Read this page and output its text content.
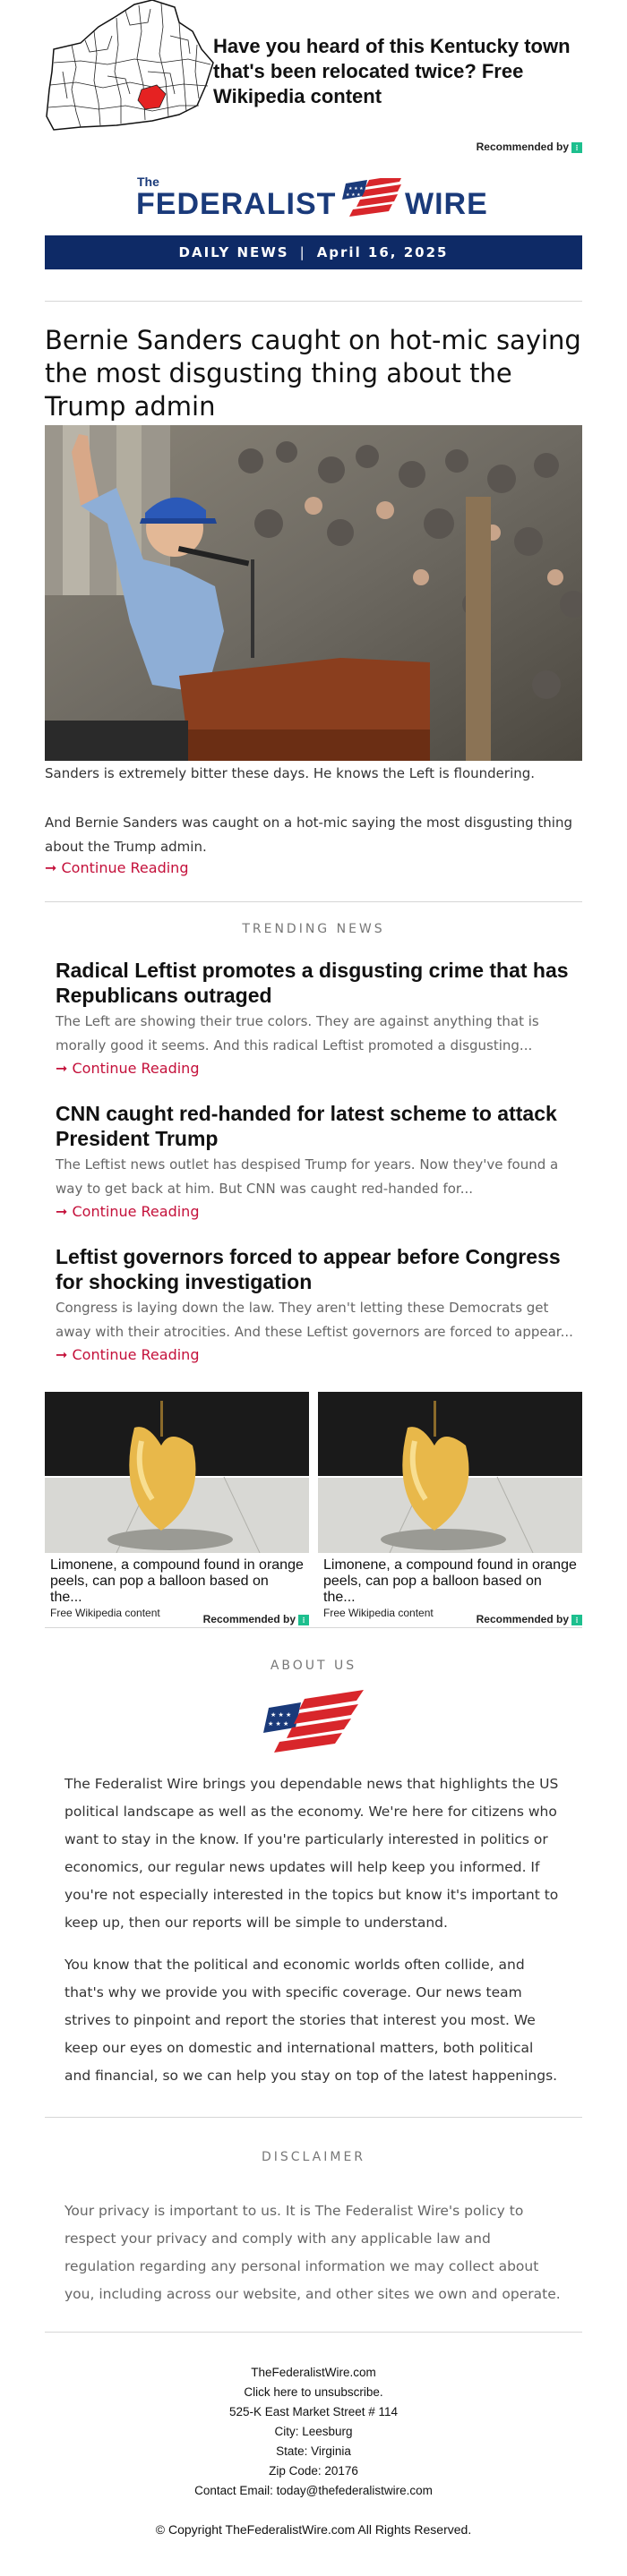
Have you heard of this Kentucky town that's been relocated twice? Free Wikipedia content
Recommended by ⁝
The
FEDERALIST	★ ★ ★
★ ★ ★ WIRE
DAILY NEWS | April 16, 2025
Bernie Sanders caught on hot-mic saying the most disgusting thing about the Trump admin
Sanders is extremely bitter these days. He knows the Left is floundering.
And Bernie Sanders was caught on a hot-mic saying the most disgusting thing about the Trump admin.
➞ Continue Reading
TRENDING NEWS
Radical Leftist promotes a disgusting crime that has Republicans outraged
The Left are showing their true colors. They are against anything that is morally good it seems. And this radical Leftist promoted a disgusting...
➞ Continue Reading
CNN caught red-handed for latest scheme to attack President Trump
The Leftist news outlet has despised Trump for years. Now they've found a way to get back at him. But CNN was caught red-handed for...
➞ Continue Reading
Leftist governors forced to appear before Congress for shocking investigation
Congress is laying down the law. They aren't letting these Democrats get away with their atrocities. And these Leftist governors are forced to appear...
➞ Continue Reading
Limonene, a compound found in orange peels, can pop a balloon based on the...
Free Wikipedia content	Recommended by ⁝
Limonene, a compound found in orange peels, can pop a balloon based on the...
Free Wikipedia content	Recommended by ⁝
ABOUT US
★ ★ ★
★ ★ ★
The Federalist Wire brings you dependable news that highlights the US political landscape as well as the economy. We're here for citizens who want to stay in the know. If you're particularly interested in politics or economics, our regular news updates will help keep you informed. If you're not especially interested in the topics but know it's important to keep up, then our reports will be simple to understand.
You know that the political and economic worlds often collide, and that's why we provide you with specific coverage. Our news team strives to pinpoint and report the stories that interest you most. We keep our eyes on domestic and international matters, both political and financial, so we can help you stay on top of the latest happenings.
DISCLAIMER
Your privacy is important to us. It is The Federalist Wire's policy to respect your privacy and comply with any applicable law and regulation regarding any personal information we may collect about you, including across our website, and other sites we own and operate.
TheFederalistWire.com
Click here to unsubscribe.
525-K East Market Street # 114
City: Leesburg
State: Virginia
Zip Code: 20176
Contact Email: today@thefederalistwire.com
© Copyright TheFederalistWire.com All Rights Reserved.
